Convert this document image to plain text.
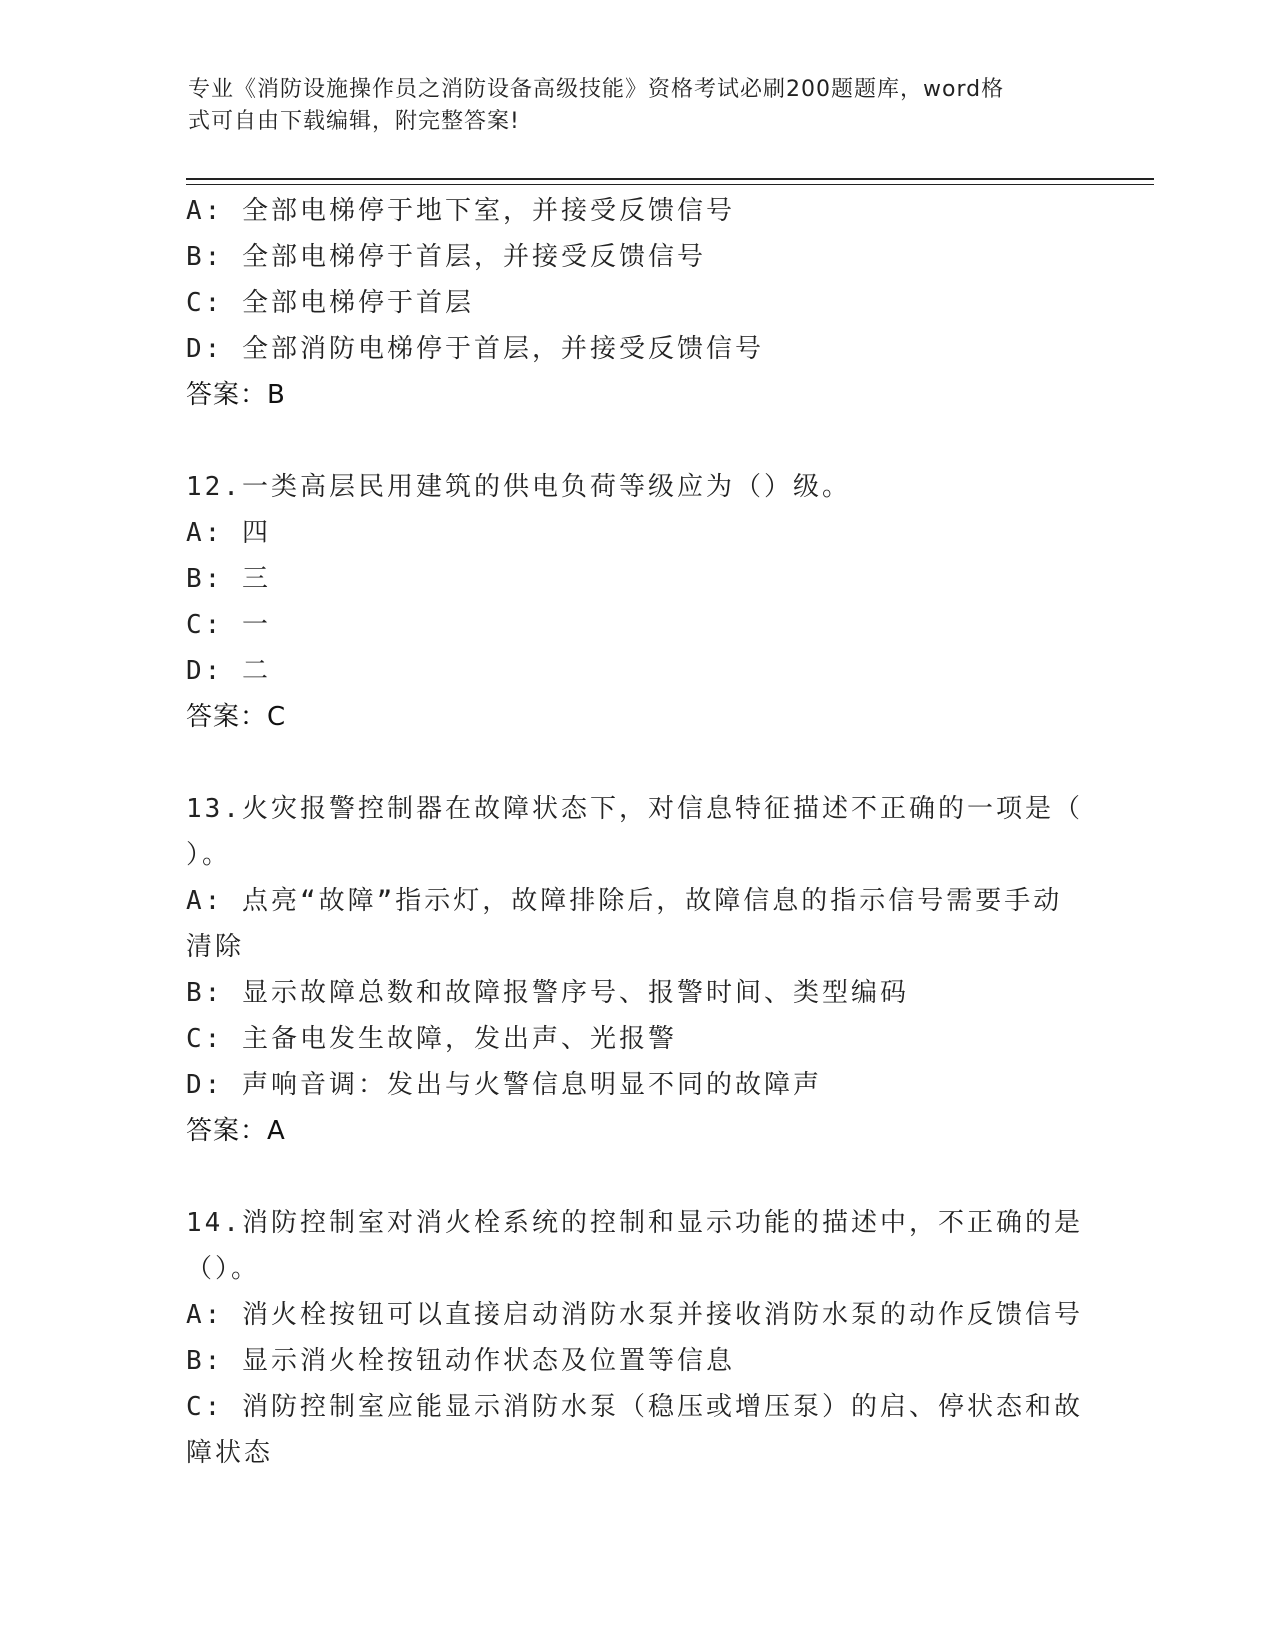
专业《消防设施操作员之消防设备高级技能》资格考试必刷200题题库，word格
式可自由下载编辑，附完整答案!
A: 全部电梯停于地下室，并接受反馈信号
B: 全部电梯停于首层，并接受反馈信号
C: 全部电梯停于首层
D: 全部消防电梯停于首层，并接受反馈信号
答案：B
12.一类高层民用建筑的供电负荷等级应为（）级。
A: 四
B: 三
C: 一
D: 二
答案：C
13.火灾报警控制器在故障状态下，对信息特征描述不正确的一项是（
）。
A: 点亮“故障”指示灯，故障排除后，故障信息的指示信号需要手动
清除
B: 显示故障总数和故障报警序号、报警时间、类型编码
C: 主备电发生故障，发出声、光报警
D: 声响音调：发出与火警信息明显不同的故障声
答案：A
14.消防控制室对消火栓系统的控制和显示功能的描述中，不正确的是
（）。
A: 消火栓按钮可以直接启动消防水泵并接收消防水泵的动作反馈信号
B: 显示消火栓按钮动作状态及位置等信息
C: 消防控制室应能显示消防水泵（稳压或增压泵）的启、停状态和故
障状态
